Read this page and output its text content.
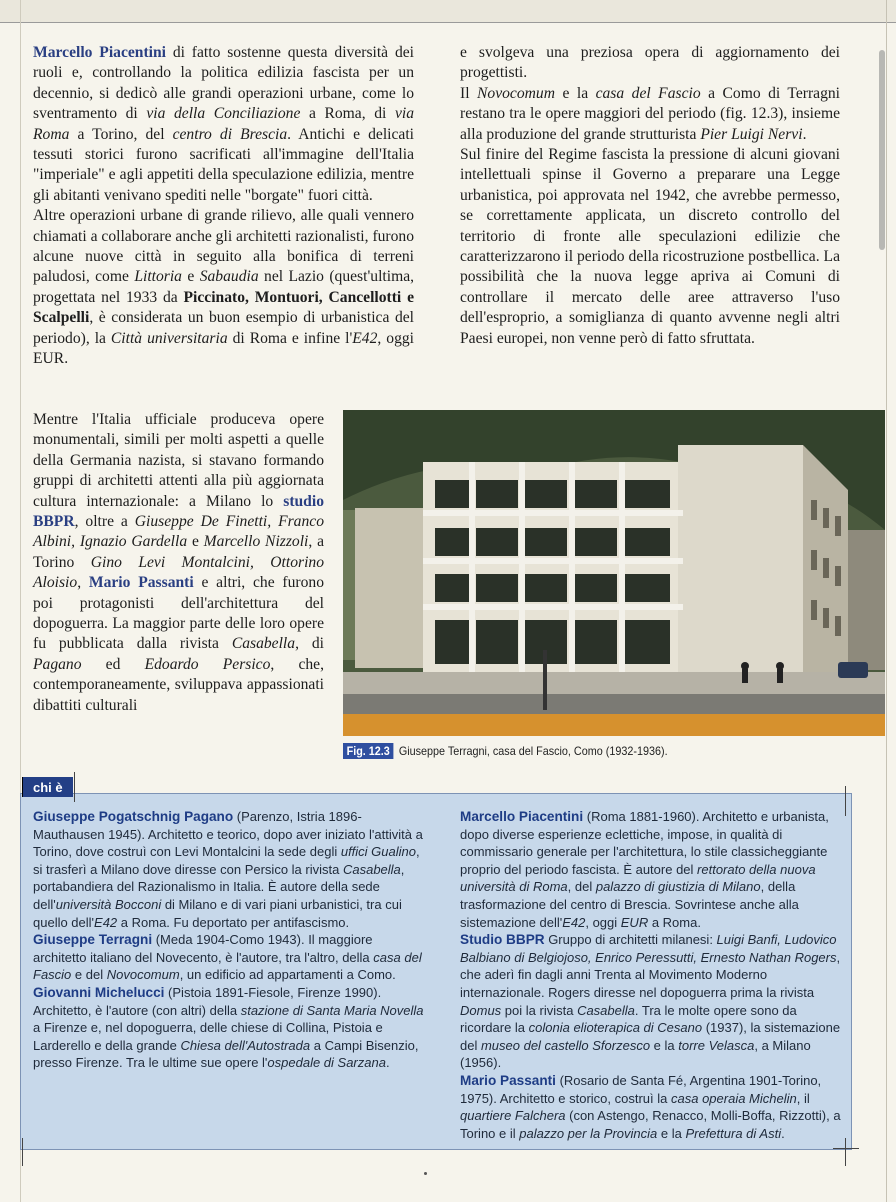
Marcello Piacentini di fatto sostenne questa diversità dei ruoli e, controllando la politica edilizia fascista per un decennio, si dedicò alle grandi operazioni urbane, come lo sventramento di via della Conciliazione a Roma, di via Roma a Torino, del centro di Brescia. Antichi e delicati tessuti storici furono sacrificati all'immagine dell'Italia "imperiale" e agli appetiti della speculazione edilizia, mentre gli abitanti venivano spediti nelle "borgate" fuori città.

Altre operazioni urbane di grande rilievo, alle quali vennero chiamati a collaborare anche gli architetti razionalisti, furono alcune nuove città in seguito alla bonifica di terreni paludosi, come Littoria e Sabaudia nel Lazio (quest'ultima, progettata nel 1933 da Piccinato, Montuori, Cancellotti e Scalpelli, è considerata un buon esempio di urbanistica del periodo), la Città universitaria di Roma e infine l'E42, oggi EUR.

Mentre l'Italia ufficiale produceva opere monumentali, simili per molti aspetti a quelle della Germania nazista, si stavano formando gruppi di architetti attenti alla più aggiornata cultura internazionale: a Milano lo studio BBPR, oltre a Giuseppe De Finetti, Franco Albini, Ignazio Gardella e Marcello Nizzoli, a Torino Gino Levi Montalcini, Ottorino Aloisio, Mario Passanti e altri, che furono poi protagonisti dell'architettura del dopoguerra. La maggior parte delle loro opere fu pubblicata dalla rivista Casabella, di Pagano ed Edoardo Persico, che, contemporaneamente, sviluppava appassionati dibattiti culturali

e svolgeva una preziosa opera di aggiornamento dei progettisti.

Il Novocomum e la casa del Fascio a Como di Terragni restano tra le opere maggiori del periodo (fig. 12.3), insieme alla produzione del grande strutturista Pier Luigi Nervi.

Sul finire del Regime fascista la pressione di alcuni giovani intellettuali spinse il Governo a preparare una Legge urbanistica, poi approvata nel 1942, che avrebbe permesso, se correttamente applicata, un discreto controllo del territorio di fronte alle speculazioni edilizie che caratterizzarono il periodo della ricostruzione postbellica. La possibilità che la nuova legge apriva ai Comuni di controllare il mercato delle aree attraverso l'uso dell'esproprio, a somiglianza di quanto avvenne negli altri Paesi europei, non venne però di fatto sfruttata.

Fig. 12.3 Giuseppe Terragni, casa del Fascio, Como (1932-1936).
chi è

Giuseppe Pogatschnig Pagano (Parenzo, Istria 1896-Mauthausen 1945). Architetto e teorico, dopo aver iniziato l'attività a Torino, dove costruì con Levi Montalcini la sede degli uffici Gualino, si trasferì a Milano dove diresse con Persico la rivista Casabella, portabandiera del Razionalismo in Italia. È autore della sede dell'università Bocconi di Milano e di vari piani urbanistici, tra cui quello dell'E42 a Roma. Fu deportato per antifascismo.

Giuseppe Terragni (Meda 1904-Como 1943). Il maggiore architetto italiano del Novecento, è l'autore, tra l'altro, della casa del Fascio e del Novocomum, un edificio ad appartamenti a Como.

Giovanni Michelucci (Pistoia 1891-Fiesole, Firenze 1990). Architetto, è l'autore (con altri) della stazione di Santa Maria Novella a Firenze e, nel dopoguerra, delle chiese di Collina, Pistoia e Larderello e della grande Chiesa dell'Autostrada a Campi Bisenzio, presso Firenze. Tra le ultime sue opere l'ospedale di Sarzana.

Marcello Piacentini (Roma 1881-1960). Architetto e urbanista, dopo diverse esperienze eclettiche, impose, in qualità di commissario generale per l'architettura, lo stile classicheggiante proprio del periodo fascista. È autore del rettorato della nuova università di Roma, del palazzo di giustizia di Milano, della trasformazione del centro di Brescia. Sovrintese anche alla sistemazione dell'E42, oggi EUR a Roma.

Studio BBPR Gruppo di architetti milanesi: Luigi Banfi, Ludovico Balbiano di Belgiojoso, Enrico Peressutti, Ernesto Nathan Rogers, che aderì fin dagli anni Trenta al Movimento Moderno internazionale. Rogers diresse nel dopoguerra prima la rivista Domus poi la rivista Casabella. Tra le molte opere sono da ricordare la colonia elioterapica di Cesano (1937), la sistemazione del museo del castello Sforzesco e la torre Velasca, a Milano (1956).

Mario Passanti (Rosario de Santa Fé, Argentina 1901-Torino, 1975). Architetto e storico, costruì la casa operaia Michelin, il quartiere Falchera (con Astengo, Renacco, Molli-Boffa, Rizzotti), a Torino e il palazzo per la Provincia e la Prefettura di Asti.
